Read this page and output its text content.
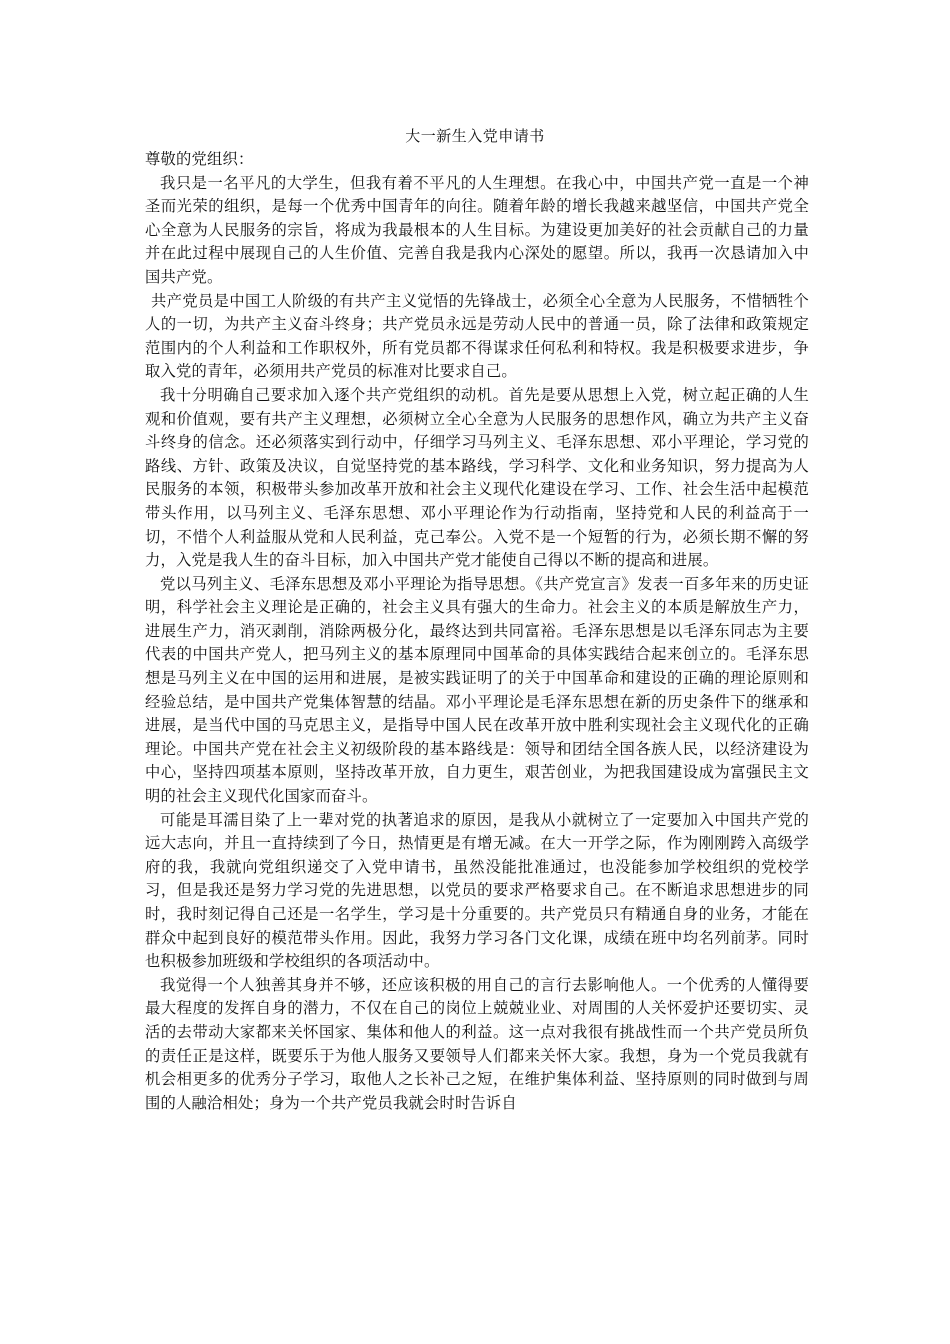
大一新生入党申请书

尊敬的党组织：

我只是一名平凡的大学生，但我有着不平凡的人生理想。在我心中，中国共产党一直是一个神圣而光荣的组织，是每一个优秀中国青年的向往。随着年龄的增长我越来越坚信，中国共产党全心全意为人民服务的宗旨，将成为我最根本的人生目标。为建设更加美好的社会贡献自己的力量并在此过程中展现自己的人生价值、完善自我是我内心深处的愿望。所以，我再一次恳请加入中国共产党。

共产党员是中国工人阶级的有共产主义觉悟的先锋战士，必须全心全意为人民服务，不惜牺牲个人的一切，为共产主义奋斗终身；共产党员永远是劳动人民中的普通一员，除了法律和政策规定范围内的个人利益和工作职权外，所有党员都不得谋求任何私利和特权。我是积极要求进步，争取入党的青年，必须用共产党员的标准对比要求自己。

我十分明确自己要求加入逐个共产党组织的动机。首先是要从思想上入党，树立起正确的人生观和价值观，要有共产主义理想，必须树立全心全意为人民服务的思想作风，确立为共产主义奋斗终身的信念。还必须落实到行动中，仔细学习马列主义、毛泽东思想、邓小平理论，学习党的路线、方针、政策及决议，自觉坚持党的基本路线，学习科学、文化和业务知识，努力提高为人民服务的本领，积极带头参加改革开放和社会主义现代化建设在学习、工作、社会生活中起模范带头作用，以马列主义、毛泽东思想、邓小平理论作为行动指南，坚持党和人民的利益高于一切，不惜个人利益服从党和人民利益，克己奉公。入党不是一个短暂的行为，必须长期不懈的努力，入党是我人生的奋斗目标，加入中国共产党才能使自己得以不断的提高和进展。

党以马列主义、毛泽东思想及邓小平理论为指导思想。《共产党宣言》发表一百多年来的历史证明，科学社会主义理论是正确的，社会主义具有强大的生命力。社会主义的本质是解放生产力，进展生产力，消灭剥削，消除两极分化，最终达到共同富裕。毛泽东思想是以毛泽东同志为主要代表的中国共产党人，把马列主义的基本原理同中国革命的具体实践结合起来创立的。毛泽东思想是马列主义在中国的运用和进展，是被实践证明了的关于中国革命和建设的正确的理论原则和经验总结，是中国共产党集体智慧的结晶。邓小平理论是毛泽东思想在新的历史条件下的继承和进展，是当代中国的马克思主义，是指导中国人民在改革开放中胜利实现社会主义现代化的正确理论。中国共产党在社会主义初级阶段的基本路线是：领导和团结全国各族人民，以经济建设为中心，坚持四项基本原则，坚持改革开放，自力更生，艰苦创业，为把我国建设成为富强民主文明的社会主义现代化国家而奋斗。

可能是耳濡目染了上一辈对党的执著追求的原因，是我从小就树立了一定要加入中国共产党的远大志向，并且一直持续到了今日，热情更是有增无减。在大一开学之际，作为刚刚跨入高级学府的我，我就向党组织递交了入党申请书，虽然没能批准通过，也没能参加学校组织的党校学习，但是我还是努力学习党的先进思想，以党员的要求严格要求自己。在不断追求思想进步的同时，我时刻记得自己还是一名学生，学习是十分重要的。共产党员只有精通自身的业务，才能在群众中起到良好的模范带头作用。因此，我努力学习各门文化课，成绩在班中均名列前茅。同时也积极参加班级和学校组织的各项活动中。

我觉得一个人独善其身并不够，还应该积极的用自己的言行去影响他人。一个优秀的人懂得要最大程度的发挥自身的潜力，不仅在自己的岗位上兢兢业业、对周围的人关怀爱护还要切实、灵活的去带动大家都来关怀国家、集体和他人的利益。这一点对我很有挑战性而一个共产党员所负的责任正是这样，既要乐于为他人服务又要领导人们都来关怀大家。我想，身为一个党员我就有机会相更多的优秀分子学习，取他人之长补己之短，在维护集体利益、坚持原则的同时做到与周围的人融洽相处；身为一个共产党员我就会时时告诉自
